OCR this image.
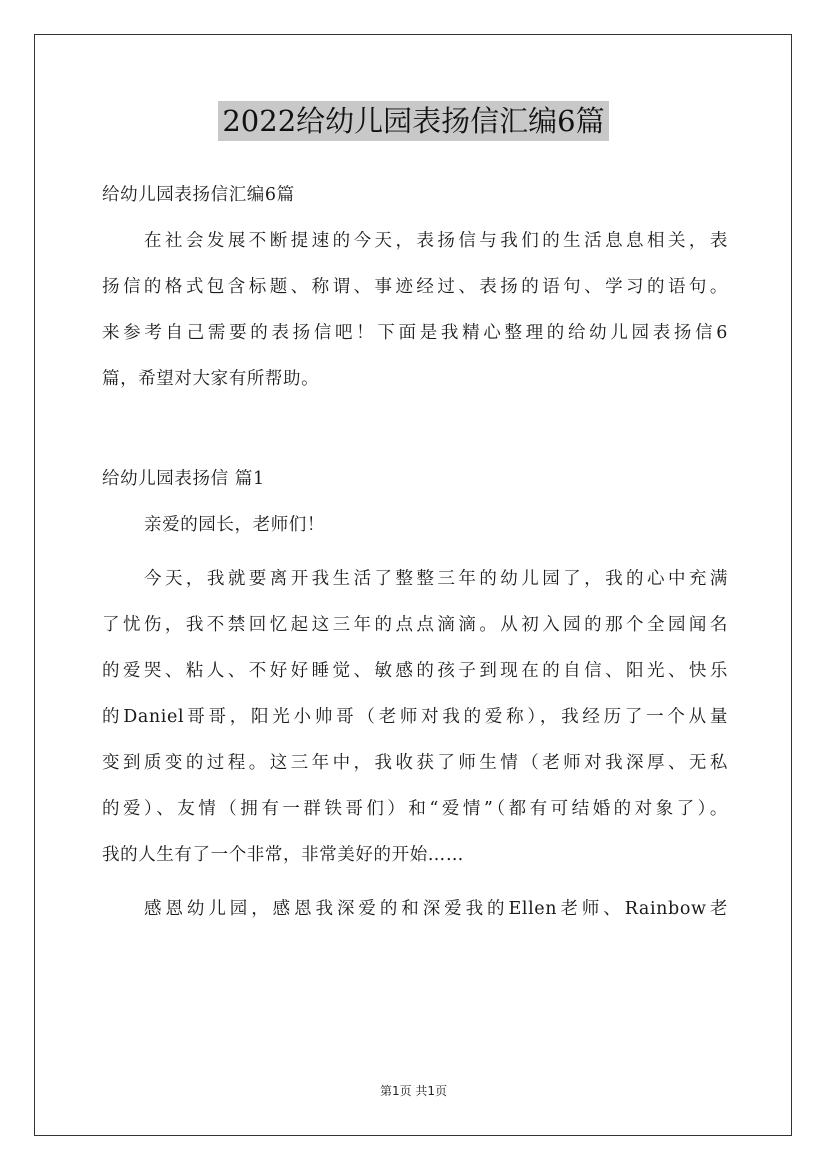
2022给幼儿园表扬信汇编6篇
给幼儿园表扬信汇编6篇
在社会发展不断提速的今天，表扬信与我们的生活息息相关，表
扬信的格式包含标题、称谓、事迹经过、表扬的语句、学习的语句。
来参考自己需要的表扬信吧！下面是我精心整理的给幼儿园表扬信6
篇，希望对大家有所帮助。
给幼儿园表扬信 篇1
亲爱的园长，老师们！
今天，我就要离开我生活了整整三年的幼儿园了，我的心中充满
了忧伤，我不禁回忆起这三年的点点滴滴。从初入园的那个全园闻名
的爱哭、粘人、不好好睡觉、敏感的孩子到现在的自信、阳光、快乐
的Daniel哥哥，阳光小帅哥（老师对我的爱称），我经历了一个从量
变到质变的过程。这三年中，我收获了师生情（老师对我深厚、无私
的爱）、友情（拥有一群铁哥们）和“爱情”（都有可结婚的对象了）。
我的人生有了一个非常，非常美好的开始……
感恩幼儿园，感恩我深爱的和深爱我的Ellen老师、Rainbow老
第1页 共1页
